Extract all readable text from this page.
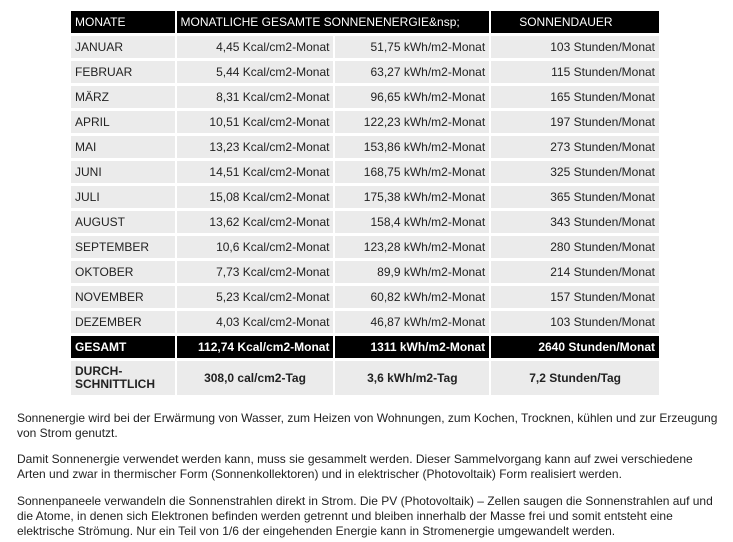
MONATE	MONATLICHE GESAMTE SONNENENERGIE&nsp;		SONNENDAUER
JANUAR	4,45 Kcal/cm2-Monat	51,75 kWh/m2-Monat	103 Stunden/Monat
FEBRUAR	5,44 Kcal/cm2-Monat	63,27 kWh/m2-Monat	115 Stunden/Monat
MÄRZ	8,31 Kcal/cm2-Monat	96,65 kWh/m2-Monat	165 Stunden/Monat
APRIL	10,51 Kcal/cm2-Monat	122,23 kWh/m2-Monat	197 Stunden/Monat
MAI	13,23 Kcal/cm2-Monat	153,86 kWh/m2-Monat	273 Stunden/Monat
JUNI	14,51 Kcal/cm2-Monat	168,75 kWh/m2-Monat	325 Stunden/Monat
JULI	15,08 Kcal/cm2-Monat	175,38 kWh/m2-Monat	365 Stunden/Monat
AUGUST	13,62 Kcal/cm2-Monat	158,4 kWh/m2-Monat	343 Stunden/Monat
SEPTEMBER	10,6 Kcal/cm2-Monat	123,28 kWh/m2-Monat	280 Stunden/Monat
OKTOBER	7,73 Kcal/cm2-Monat	89,9 kWh/m2-Monat	214 Stunden/Monat
NOVEMBER	5,23 Kcal/cm2-Monat	60,82 kWh/m2-Monat	157 Stunden/Monat
DEZEMBER	4,03 Kcal/cm2-Monat	46,87 kWh/m2-Monat	103 Stunden/Monat
GESAMT	112,74 Kcal/cm2-Monat	1311 kWh/m2-Monat	2640 Stunden/Monat

DURCH-
SCHNITTLICH	308,0 cal/cm2-Tag	3,6 kWh/m2-Tag	7,2 Stunden/Tag

Sonnenergie wird bei der Erwärmung von Wasser, zum Heizen von Wohnungen, zum Kochen, Trocknen, kühlen und zur Erzeugung von Strom genutzt.

Damit Sonnenergie verwendet werden kann, muss sie gesammelt werden. Dieser Sammelvorgang kann auf zwei verschiedene Arten und zwar in thermischer Form (Sonnenkollektoren) und in elektrischer (Photovoltaik) Form realisiert werden.

Sonnenpaneele verwandeln die Sonnenstrahlen direkt in Strom. Die PV (Photovoltaik) – Zellen saugen die Sonnenstrahlen auf und die Atome, in denen sich Elektronen befinden werden getrennt und bleiben innerhalb der Masse frei und somit entsteht eine elektrische Strömung. Nur ein Teil von 1/6 der eingehenden Energie kann in Stromenergie umgewandelt werden.
